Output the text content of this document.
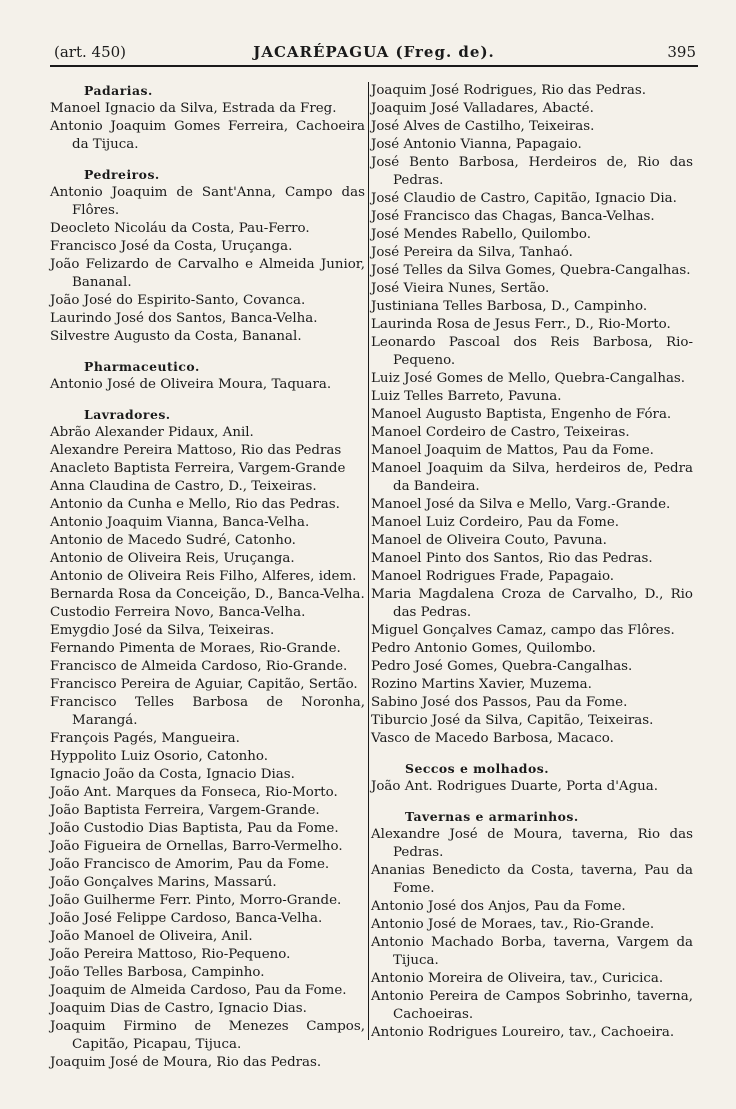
(art. 450)	JACARÉPAGUA (Freg. de).	395
Padarias.
Manoel Ignacio da Silva, Estrada da Freg.
Antonio Joaquim Gomes Ferreira, Cachoeira da Tijuca.
Pedreiros.
Antonio Joaquim de Sant'Anna, Campo das Flôres.
Deocleto Nicoláu da Costa, Pau-Ferro.
Francisco José da Costa, Uruçanga.
João Felizardo de Carvalho e Almeida Junior, Bananal.
João José do Espirito-Santo, Covanca.
Laurindo José dos Santos, Banca-Velha.
Silvestre Augusto da Costa, Bananal.
Pharmaceutico.
Antonio José de Oliveira Moura, Taquara.
Lavradores.
Abrão Alexander Pidaux, Anil.
Alexandre Pereira Mattoso, Rio das Pedras
Anacleto Baptista Ferreira, Vargem-Grande
Anna Claudina de Castro, D., Teixeiras.
Antonio da Cunha e Mello, Rio das Pedras.
Antonio Joaquim Vianna, Banca-Velha.
Antonio de Macedo Sudré, Catonho.
Antonio de Oliveira Reis, Uruçanga.
Antonio de Oliveira Reis Filho, Alferes, idem.
Bernarda Rosa da Conceição, D., Banca-Velha.
Custodio Ferreira Novo, Banca-Velha.
Emygdio José da Silva, Teixeiras.
Fernando Pimenta de Moraes, Rio-Grande.
Francisco de Almeida Cardoso, Rio-Grande.
Francisco Pereira de Aguiar, Capitão, Sertão.
Francisco Telles Barbosa de Noronha, Marangá.
François Pagés, Mangueira.
Hyppolito Luiz Osorio, Catonho.
Ignacio João da Costa, Ignacio Dias.
João Ant. Marques da Fonseca, Rio-Morto.
João Baptista Ferreira, Vargem-Grande.
João Custodio Dias Baptista, Pau da Fome.
João Figueira de Ornellas, Barro-Vermelho.
João Francisco de Amorim, Pau da Fome.
João Gonçalves Marins, Massarú.
João Guilherme Ferr. Pinto, Morro-Grande.
João José Felippe Cardoso, Banca-Velha.
João Manoel de Oliveira, Anil.
João Pereira Mattoso, Rio-Pequeno.
João Telles Barbosa, Campinho.
Joaquim de Almeida Cardoso, Pau da Fome.
Joaquim Dias de Castro, Ignacio Dias.
Joaquim Firmino de Menezes Campos, Capitão, Picapau, Tijuca.
Joaquim José de Moura, Rio das Pedras.
Joaquim José Rodrigues, Rio das Pedras.
Joaquim José Valladares, Abacté.
José Alves de Castilho, Teixeiras.
José Antonio Vianna, Papagaio.
José Bento Barbosa, Herdeiros de, Rio das Pedras.
José Claudio de Castro, Capitão, Ignacio Dia.
José Francisco das Chagas, Banca-Velhas.
José Mendes Rabello, Quilombo.
José Pereira da Silva, Tanhaó.
José Telles da Silva Gomes, Quebra-Cangalhas.
José Vieira Nunes, Sertão.
Justiniana Telles Barbosa, D., Campinho.
Laurinda Rosa de Jesus Ferr., D., Rio-Morto.
Leonardo Pascoal dos Reis Barbosa, Rio-Pequeno.
Luiz José Gomes de Mello, Quebra-Cangalhas.
Luiz Telles Barreto, Pavuna.
Manoel Augusto Baptista, Engenho de Fóra.
Manoel Cordeiro de Castro, Teixeiras.
Manoel Joaquim de Mattos, Pau da Fome.
Manoel Joaquim da Silva, herdeiros de, Pedra da Bandeira.
Manoel José da Silva e Mello, Varg.-Grande.
Manoel Luiz Cordeiro, Pau da Fome.
Manoel de Oliveira Couto, Pavuna.
Manoel Pinto dos Santos, Rio das Pedras.
Manoel Rodrigues Frade, Papagaio.
Maria Magdalena Croza de Carvalho, D., Rio das Pedras.
Miguel Gonçalves Camaz, campo das Flôres.
Pedro Antonio Gomes, Quilombo.
Pedro José Gomes, Quebra-Cangalhas.
Rozino Martins Xavier, Muzema.
Sabino José dos Passos, Pau da Fome.
Tiburcio José da Silva, Capitão, Teixeiras.
Vasco de Macedo Barbosa, Macaco.
Seccos e molhados.
João Ant. Rodrigues Duarte, Porta d'Agua.
Tavernas e armarinhos.
Alexandre José de Moura, taverna, Rio das Pedras.
Ananias Benedicto da Costa, taverna, Pau da Fome.
Antonio José dos Anjos, Pau da Fome.
Antonio José de Moraes, tav., Rio-Grande.
Antonio Machado Borba, taverna, Vargem da Tijuca.
Antonio Moreira de Oliveira, tav., Curicica.
Antonio Pereira de Campos Sobrinho, taverna, Cachoeiras.
Antonio Rodrigues Loureiro, tav., Cachoeira.
